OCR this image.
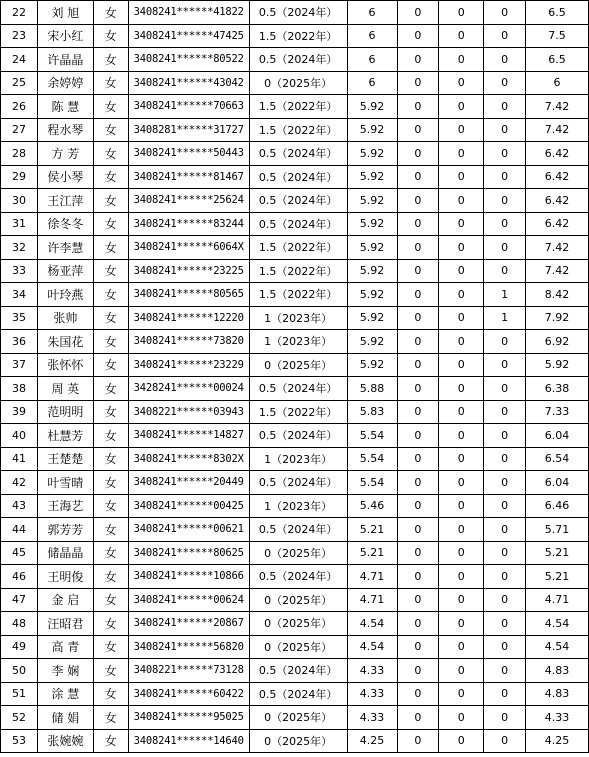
22	刘 旭	女	3408241******41822	0.5（2024年）	6	0	0	0	6.5
23	宋小红	女	3408241******47425	1.5（2022年）	6	0	0	0	7.5
24	许晶晶	女	3408241******80522	0.5（2024年）	6	0	0	0	6.5
25	余婷婷	女	3408241******43042	0（2025年）	6	0	0	0	6
26	陈 慧	女	3408241******70663	1.5（2022年）	5.92	0	0	0	7.42
27	程水琴	女	3408281******31727	1.5（2022年）	5.92	0	0	0	7.42
28	方 芳	女	3408241******50443	0.5（2024年）	5.92	0	0	0	6.42
29	侯小琴	女	3408241******81467	0.5（2024年）	5.92	0	0	0	6.42
30	王江萍	女	3408241******25624	0.5（2024年）	5.92	0	0	0	6.42
31	徐冬冬	女	3408241******83244	0.5（2024年）	5.92	0	0	0	6.42
32	许李慧	女	3408241******6064X	1.5（2022年）	5.92	0	0	0	7.42
33	杨亚萍	女	3408241******23225	1.5（2022年）	5.92	0	0	0	7.42
34	叶玲燕	女	3408241******80565	1.5（2022年）	5.92	0	0	1	8.42
35	张帅	女	3408241******12220	1（2023年）	5.92	0	0	1	7.92
36	朱国花	女	3408241******73820	1（2023年）	5.92	0	0	0	6.92
37	张怀怀	女	3408241******23229	0（2025年）	5.92	0	0	0	5.92
38	周 英	女	3428241******00024	0.5（2024年）	5.88	0	0	0	6.38
39	范明明	女	3408221******03943	1.5（2022年）	5.83	0	0	0	7.33
40	杜慧芳	女	3408241******14827	0.5（2024年）	5.54	0	0	0	6.04
41	王楚楚	女	3408241******8302X	1（2023年）	5.54	0	0	0	6.54
42	叶雪晴	女	3408241******20449	0.5（2024年）	5.54	0	0	0	6.04
43	王海艺	女	3408241******00425	1（2023年）	5.46	0	0	0	6.46
44	郭芳芳	女	3408241******00621	0.5（2024年）	5.21	0	0	0	5.71
45	储晶晶	女	3408241******80625	0（2025年）	5.21	0	0	0	5.21
46	王明俊	女	3408241******10866	0.5（2024年）	4.71	0	0	0	5.21
47	金 启	女	3408241******00624	0（2025年）	4.71	0	0	0	4.71
48	汪昭君	女	3408241******20867	0（2025年）	4.54	0	0	0	4.54
49	高 青	女	3408241******56820	0（2025年）	4.54	0	0	0	4.54
50	李 娴	女	3408221******73128	0.5（2024年）	4.33	0	0	0	4.83
51	涂 慧	女	3408241******60422	0.5（2024年）	4.33	0	0	0	4.83
52	储 娟	女	3408241******95025	0（2025年）	4.33	0	0	0	4.33
53	张婉婉	女	3408241******14640	0（2025年）	4.25	0	0	0	4.25
